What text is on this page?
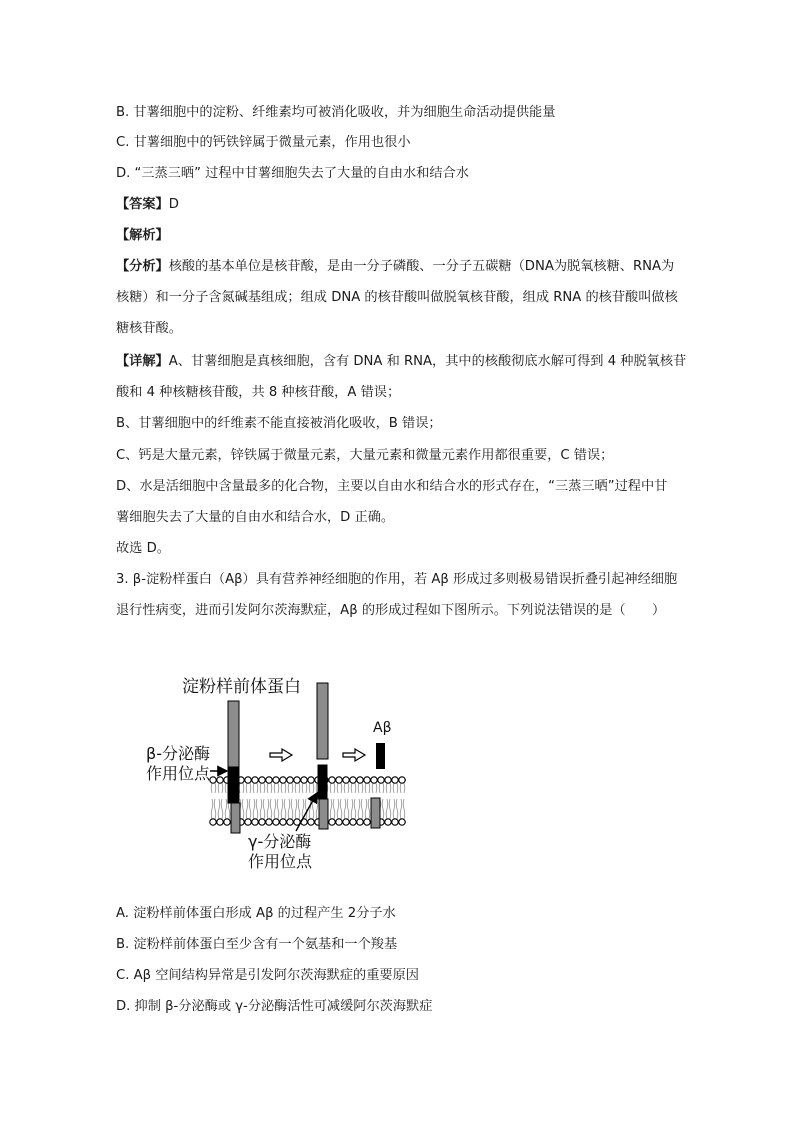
B. 甘薯细胞中的淀粉、纤维素均可被消化吸收，并为细胞生命活动提供能量
C. 甘薯细胞中的钙铁锌属于微量元素，作用也很小
D. “三蒸三晒” 过程中甘薯细胞失去了大量的自由水和结合水
【答案】D
【解析】
【分析】核酸的基本单位是核苷酸，是由一分子磷酸、一分子五碳糖（DNA为脱氧核糖、RNA为
核糖）和一分子含氮碱基组成；组成 DNA 的核苷酸叫做脱氧核苷酸，组成 RNA 的核苷酸叫做核
糖核苷酸。
【详解】A、甘薯细胞是真核细胞，含有 DNA 和 RNA，其中的核酸彻底水解可得到 4 种脱氧核苷
酸和 4 种核糖核苷酸，共 8 种核苷酸，A 错误；
B、甘薯细胞中的纤维素不能直接被消化吸收，B 错误；
C、钙是大量元素，锌铁属于微量元素，大量元素和微量元素作用都很重要，C 错误；
D、水是活细胞中含量最多的化合物，主要以自由水和结合水的形式存在，“三蒸三晒”过程中甘
薯细胞失去了大量的自由水和结合水，D 正确。
故选 D。
3. β-淀粉样蛋白（Aβ）具有营养神经细胞的作用，若 Aβ 形成过多则极易错误折叠引起神经细胞
退行性病变，进而引发阿尔茨海默症，Aβ 的形成过程如下图所示。下列说法错误的是（　　）
淀粉样前体蛋白
Aβ
β-分泌酶
作用位点
γ-分泌酶
作用位点
A. 淀粉样前体蛋白形成 Aβ 的过程产生 2分子水
B. 淀粉样前体蛋白至少含有一个氨基和一个羧基
C. Aβ 空间结构异常是引发阿尔茨海默症的重要原因
D. 抑制 β-分泌酶或 γ-分泌酶活性可减缓阿尔茨海默症
